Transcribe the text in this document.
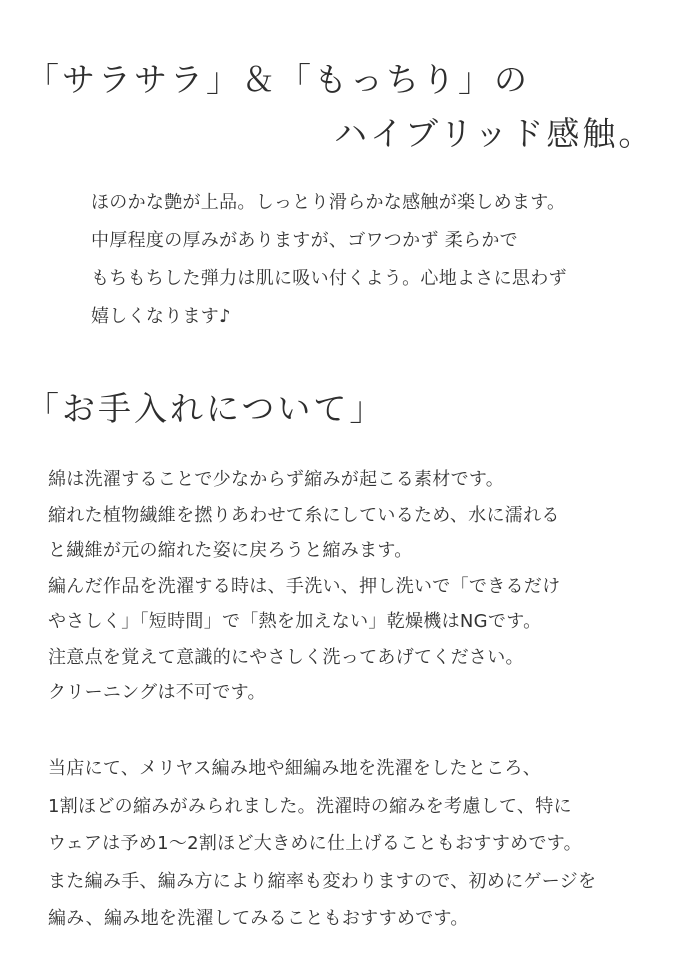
「サラサラ」＆「もっちり」の
ハイブリッド感触。
ほのかな艶が上品。しっとり滑らかな感触が楽しめます。
中厚程度の厚みがありますが、ゴワつかず 柔らかで
もちもちした弾力は肌に吸い付くよう。心地よさに思わず
嬉しくなります♪
「お手入れについて」
綿は洗濯することで少なからず縮みが起こる素材です。
縮れた植物繊維を撚りあわせて糸にしているため、水に濡れる
と繊維が元の縮れた姿に戻ろうと縮みます。
編んだ作品を洗濯する時は、手洗い、押し洗いで「できるだけ
やさしく」「短時間」で「熱を加えない」乾燥機はNGです。
注意点を覚えて意識的にやさしく洗ってあげてください。
クリーニングは不可です。
当店にて、メリヤス編み地や細編み地を洗濯をしたところ、
1割ほどの縮みがみられました。洗濯時の縮みを考慮して、特に
ウェアは予め1～2割ほど大きめに仕上げることもおすすめです。
また編み手、編み方により縮率も変わりますので、初めにゲージを
編み、編み地を洗濯してみることもおすすめです。
